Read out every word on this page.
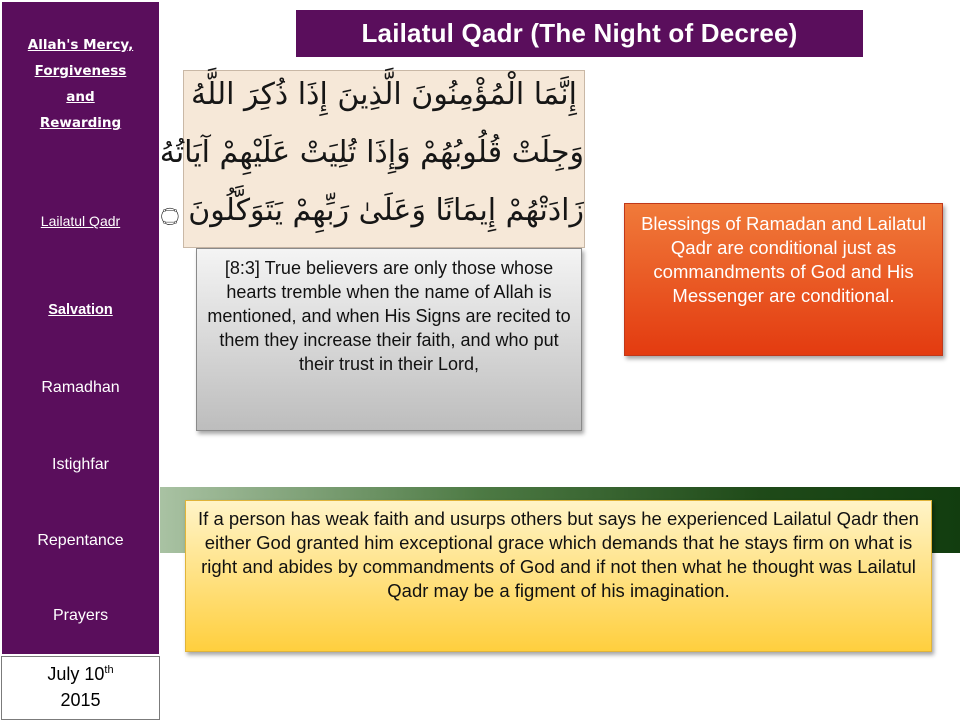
Allah's Mercy,
Forgiveness
and
Rewarding
Lailatul Qadr
Salvation
Ramadhan
Istighfar
Repentance
Prayers
July 10th
2015
Lailatul Qadr (The Night of Decree)
إِنَّمَا الْمُؤْمِنُونَ الَّذِينَ إِذَا ذُكِرَ اللَّهُ
وَجِلَتْ قُلُوبُهُمْ وَإِذَا تُلِيَتْ عَلَيْهِمْ آيَاتُهُ
زَادَتْهُمْ إِيمَانًا وَعَلَىٰ رَبِّهِمْ يَتَوَكَّلُونَ ۝
[8:3] True believers are only those whose hearts tremble when the name of Allah is mentioned, and when His Signs are recited to them they increase their faith, and who put their trust in their Lord,
Blessings of Ramadan and Lailatul Qadr are conditional just as commandments of God and His Messenger are conditional.
If a person has weak faith and usurps others but says he experienced Lailatul Qadr then either God granted him exceptional grace which demands that he stays firm on what is right and abides by commandments of God and if not then what he thought was Lailatul Qadr may be a figment of his imagination.
